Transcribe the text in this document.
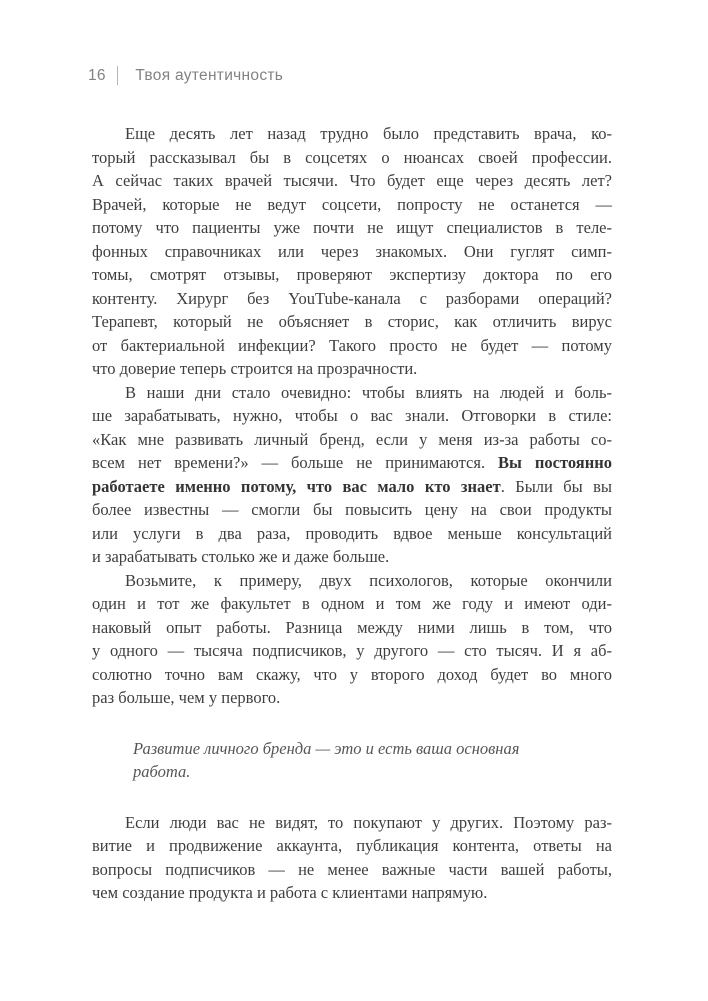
16 Твоя аутентичность

Еще десять лет назад трудно было представить врача, ко-
торый рассказывал бы в соцсетях о нюансах своей профессии.
А сейчас таких врачей тысячи. Что будет еще через десять лет?
Врачей, которые не ведут соцсети, попросту не останется —
потому что пациенты уже почти не ищут специалистов в теле-
фонных справочниках или через знакомых. Они гуглят симп-
томы, смотрят отзывы, проверяют экспертизу доктора по его
контенту. Хирург без YouTube-канала с разборами операций?
Терапевт, который не объясняет в сторис, как отличить вирус
от бактериальной инфекции? Такого просто не будет — потому
что доверие теперь строится на прозрачности.

В наши дни стало очевидно: чтобы влиять на людей и боль-
ше зарабатывать, нужно, чтобы о вас знали. Отговорки в стиле:
«Как мне развивать личный бренд, если у меня из-за работы со-
всем нет времени?» — больше не принимаются. Вы постоянно
работаете именно потому, что вас мало кто знает. Были бы вы
более известны — смогли бы повысить цену на свои продукты
или услуги в два раза, проводить вдвое меньше консультаций
и зарабатывать столько же и даже больше.

Возьмите, к примеру, двух психологов, которые окончили
один и тот же факультет в одном и том же году и имеют оди-
наковый опыт работы. Разница между ними лишь в том, что
у одного — тысяча подписчиков, у другого — сто тысяч. И я аб-
солютно точно вам скажу, что у второго доход будет во много
раз больше, чем у первого.

Развитие личного бренда — это и есть ваша основная
работа.

Если люди вас не видят, то покупают у других. Поэтому раз-
витие и продвижение аккаунта, публикация контента, ответы на
вопросы подписчиков — не менее важные части вашей работы,
чем создание продукта и работа с клиентами напрямую.
